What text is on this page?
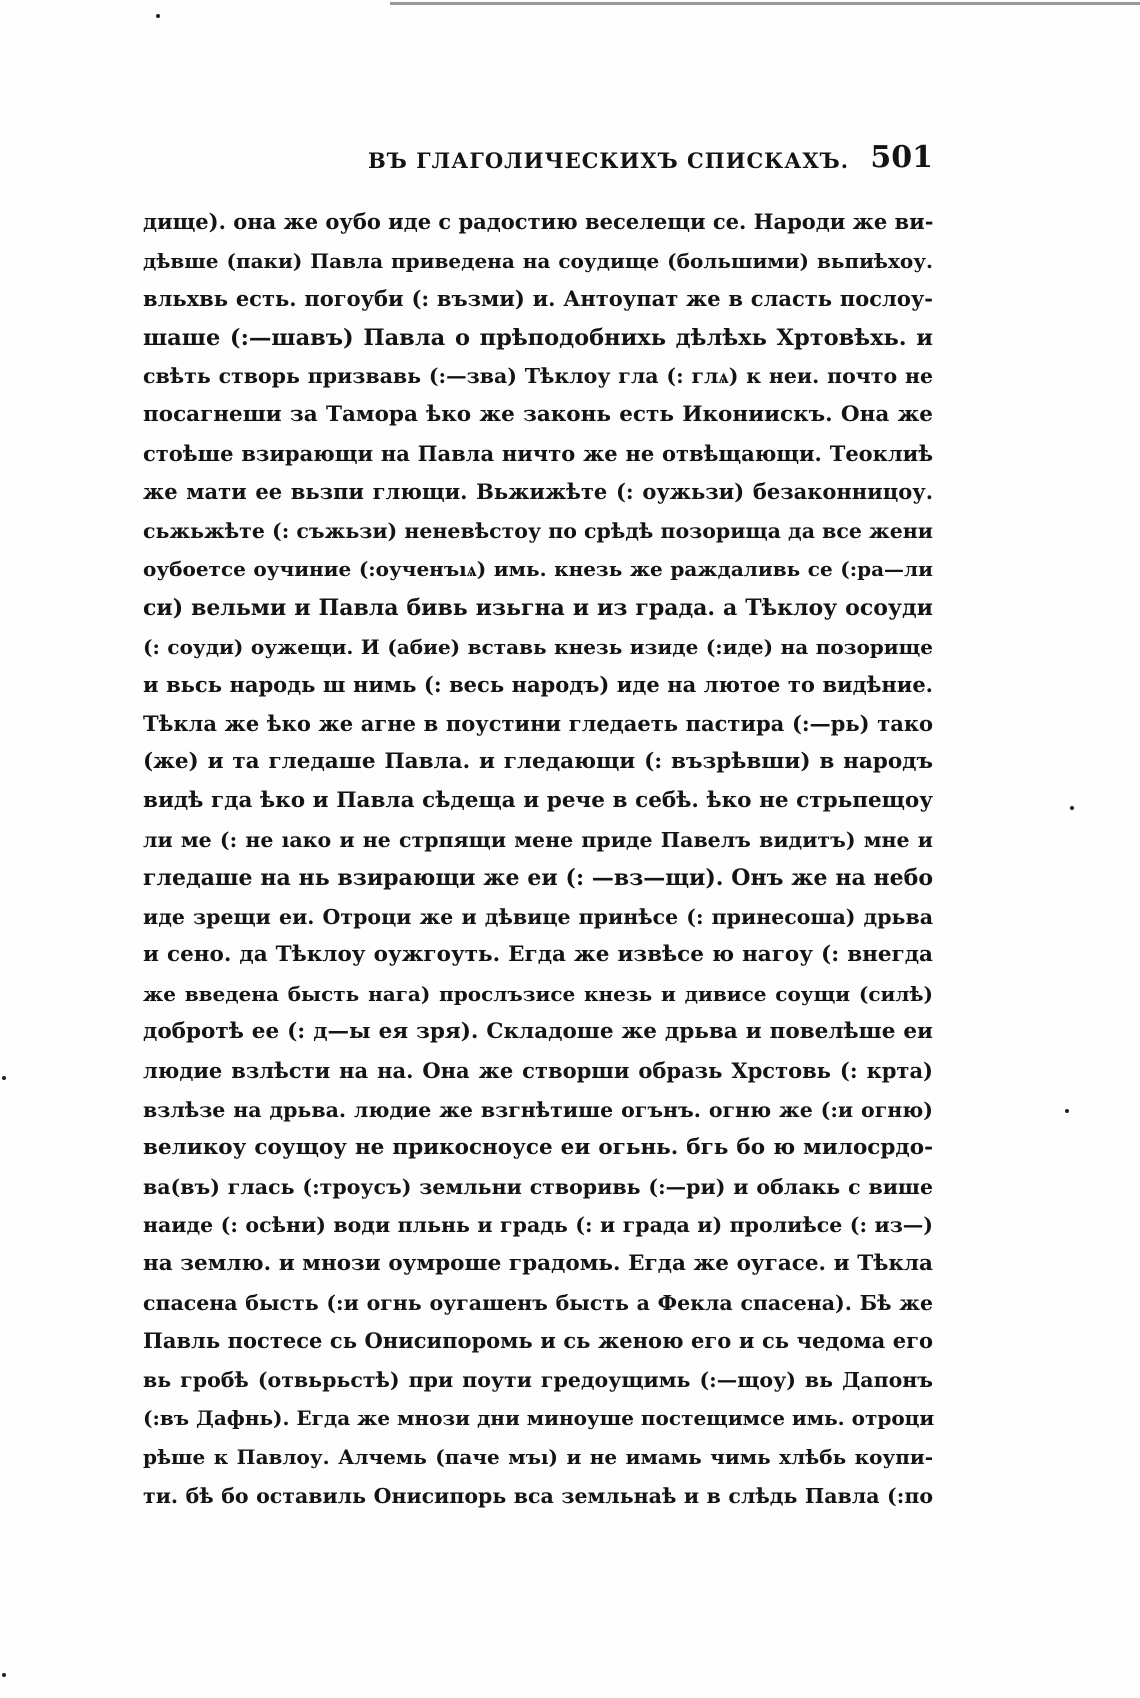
ВЪ ГЛАГОЛИЧЕСКИХЪ СПИСКАХЪ. 501
дище). она же оубо иде с радостию веселещи се. Народи же ви-
дѣвше (паки) Павла приведена на соудище (большими) вьпиѣхоу.
вльхвь есть. погоуби (: възми) и. Антоупат же в сласть послоу-
шаше (:—шавъ) Павла о прѣподобнихь дѣлѣхь Хртовѣхь. и
свѣть створь призвавь (:—зва) Тѣклоу гла (: глѧ) к неи. почто не
посагнеши за Тамора ѣко же законь есть Икониискъ. Она же
стоѣше взирающи на Павла ничто же не отвѣщающи. Теоклиѣ
же мати ее вьзпи глющи. Вьжижѣте (: оужьзи) безаконницоу.
сьжьжѣте (: съжьзи) неневѣстоу по срѣдѣ позорища да все жени
оубоетсе оучиние (:оученъıѧ) имь. кнезь же раждаливь се (:ра—ли
си) вельми и Павла бивь изьгна и из града. а Тѣклоу осоуди
(: соуди) оужещи. И (абие) вставь кнезь изиде (:иде) на позорище
и вьсь народь ш нимь (: весь народъ) иде на лютое то видѣние.
Тѣкла же ѣко же агне в поустини гледаеть пастира (:—рь) тако
(же) и та гледаше Павла. и гледающи (: възрѣвши) в народъ
видѣ гда ѣко и Павла сѣдеща и рече в себѣ. ѣко не стрьпещоу
ли ме (: не ıако и не стрпящи мене приде Павелъ видитъ) мне и
гледаше на нь взирающи же еи (: —вз—щи). Онъ же на небо
иде зрещи еи. Отроци же и дѣвице принѣсе (: принесоша) дрьва
и сено. да Тѣклоу оужгоуть. Егда же извѣсе ю нагоу (: внегда
же введена бысть нага) прослъзисе кнезь и дивисе соущи (силѣ)
добротѣ ее (: д—ы ея зря). Складоше же дрьва и повелѣше еи
людие взлѣсти на на. Она же створши образь Хрстовь (: крта)
взлѣзе на дрьва. людие же взгнѣтише огънъ. огню же (:и огню)
великоу соущоу не прикосноусе еи огьнь. бгь бо ю милосрдо-
ва(въ) глась (:троусъ) земльни створивь (:—ри) и облакь с више
наиде (: осѣни) води пльнь и градь (: и града и) пролиѣсе (: из—)
на землю. и мнози оумроше градомь. Егда же оугасе. и Тѣкла
спасена бысть (:и огнь оугашенъ бысть а Фекла спасена). Бѣ же
Павль постесе сь Онисипоромь и сь женою его и сь чедома его
вь гробѣ (отвьрьстѣ) при поути гредоущимь (:—щоу) вь Дапонъ
(:въ Дафнь). Егда же мнози дни миноуше постещимсе имь. отроци
рѣше к Павлоу. Алчемь (паче мъı) и не имамь чимь хлѣбь коупи-
ти. бѣ бо оставиль Онисипорь вса земльнаѣ и в слѣдь Павла (:по
